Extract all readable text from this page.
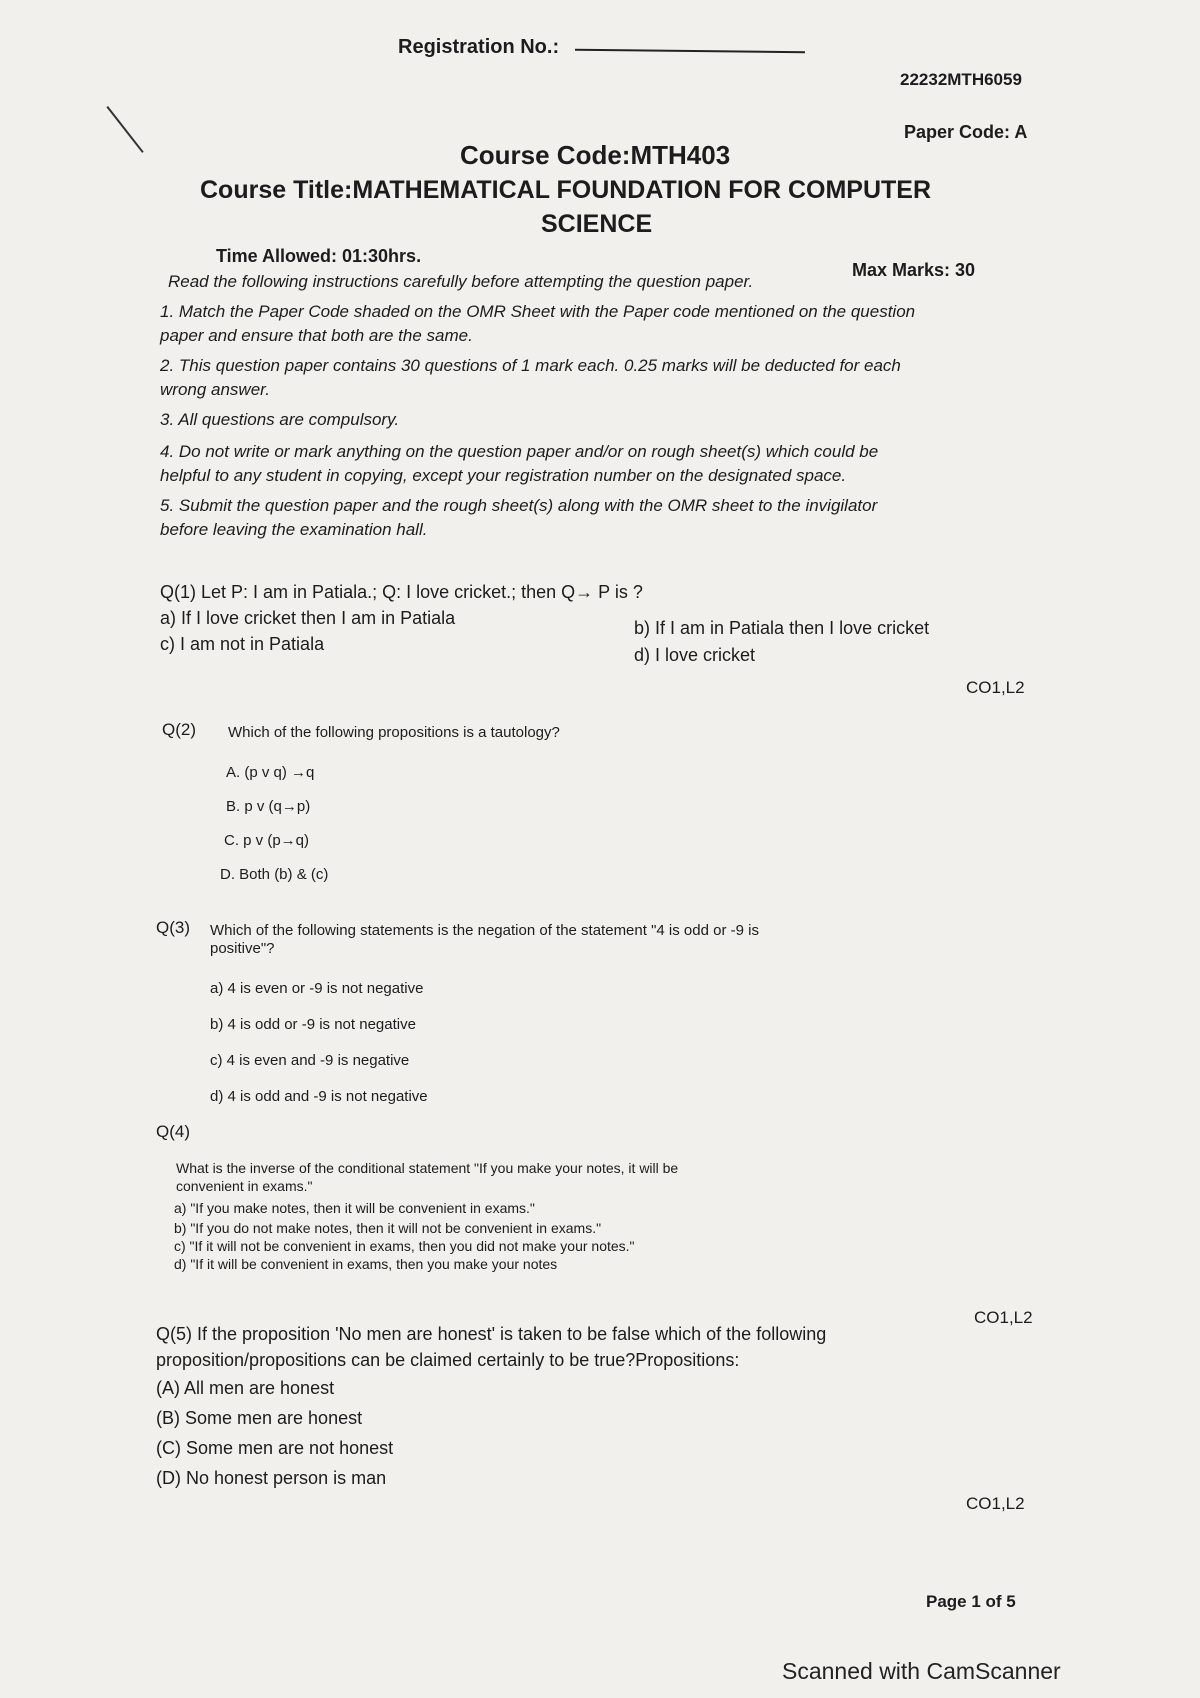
Registration No.:
22232MTH6059
Paper Code: A
Course Code:MTH403
Course Title:MATHEMATICAL FOUNDATION FOR COMPUTER
SCIENCE
Time Allowed: 01:30hrs.
Max Marks: 30
Read the following instructions carefully before attempting the question paper.
1. Match the Paper Code shaded on the OMR Sheet with the Paper code mentioned on the question
paper and ensure that both are the same.
2. This question paper contains 30 questions of 1 mark each. 0.25 marks will be deducted for each
wrong answer.
3. All questions are compulsory.
4. Do not write or mark anything on the question paper and/or on rough sheet(s) which could be
helpful to any student in copying, except your registration number on the designated space.
5. Submit the question paper and the rough sheet(s) along with the OMR sheet to the invigilator
before leaving the examination hall.
Q(1) Let P: I am in Patiala.; Q: I love cricket.; then Q→ P is ?
a) If I love cricket then I am in Patiala	b) If I am in Patiala then I love cricket
c) I am not in Patiala
d) I love cricket
CO1,L2
Q(2) Which of the following propositions is a tautology?
A. (p v q) →q
B. p v (q→p)
C. p v (p→q)
D. Both (b) & (c)
Q(3) Which of the following statements is the negation of the statement "4 is odd or -9 is
positive"?
a) 4 is even or -9 is not negative
b) 4 is odd or -9 is not negative
c) 4 is even and -9 is negative
d) 4 is odd and -9 is not negative
Q(4)
What is the inverse of the conditional statement "If you make your notes, it will be
convenient in exams."
a) "If you make notes, then it will be convenient in exams."
b) "If you do not make notes, then it will not be convenient in exams."
c) "If it will not be convenient in exams, then you did not make your notes."
d) "If it will be convenient in exams, then you make your notes
CO1,L2
Q(5) If the proposition 'No men are honest' is taken to be false which of the following
proposition/propositions can be claimed certainly to be true?Propositions:
(A) All men are honest
(B) Some men are honest
(C) Some men are not honest
(D) No honest person is man
CO1,L2
Page 1 of 5
Scanned with CamScanner
